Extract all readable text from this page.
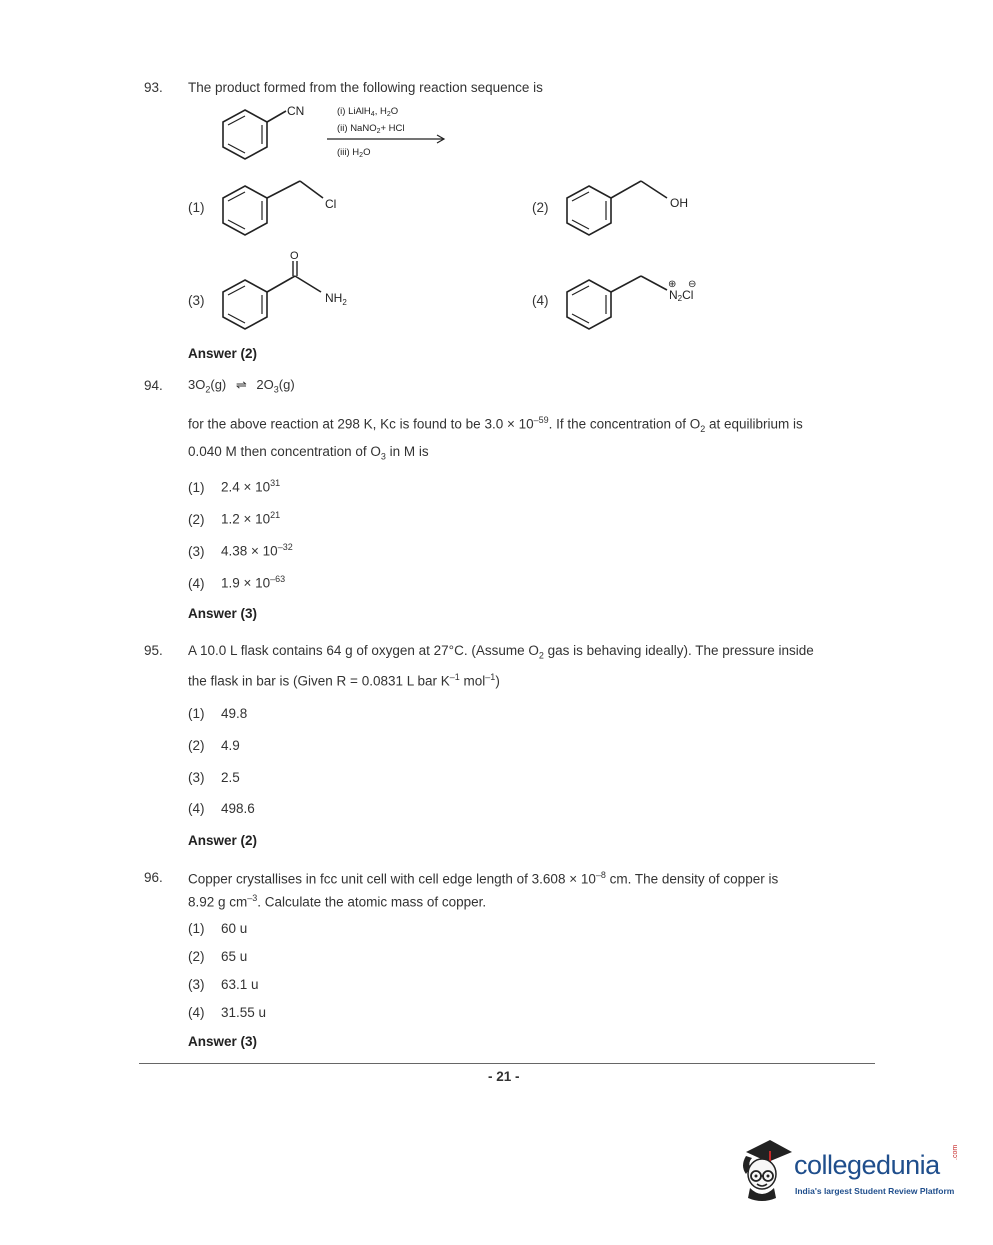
93. The product formed from the following reaction sequence is
CN	(i) LiAlH$_4$, $H_2O$
(ii) NaNO$_2$+ HCl
(iii) $H_2O$
(1)	Cl	(2)	OH
(3)
O
$NH_2$	(4)
⊕ ⊖
N2Cl
Answer (2)
94. $3O_2(g)$ ⇌ $2O_3(g)$
for the above reaction at 298 K, Kc is found to be $3.0 \times 10^{-59}$. If the concentration of $O_2$ at equilibrium is
0.040 M then concentration of $O_3$ in M is
(1) $2.4 \times 10^{31}$
(2) $1.2 \times 10^{21}$
(3) $4.38 \times 10^{-32}$
(4) $1.9 \times 10^{-63}$
Answer (3)
95. A 10.0 L flask contains 64 g of oxygen at 27°C. (Assume $O_2$ gas is behaving ideally). The pressure inside
the flask in bar is (Given R = 0.0831 L bar $K^{-1}$ mol$^{-1}$)
(1) 49.8
(2) 4.9
(3) 2.5
(4) 498.6
Answer (2)
96. Copper crystallises in fcc unit cell with cell edge length of $3.608 \times 10^{-8}$ cm. The density of copper is
8.92 g $cm^{-3}$. Calculate the atomic mass of copper.
(1) 60 u
(2) 65 u
(3) 63.1 u
(4) 31.55 u
Answer (3)
- 21 -
collegedunia .com
India's largest Student Review Platform
